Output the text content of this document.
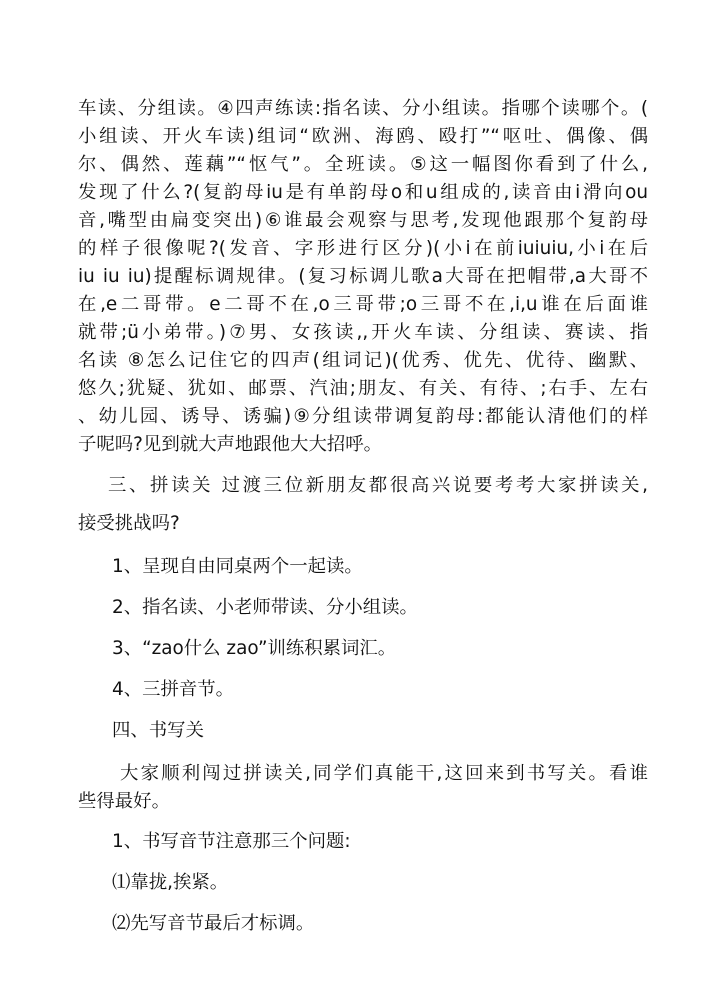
车读、分组读。④四声练读:指名读、分小组读。指哪个读哪个。(
小组读、开火车读)组词“欧洲、海鸥、殴打”“呕吐、偶像、偶
尔、偶然、莲藕”“怄气”。全班读。⑤这一幅图你看到了什么,
发现了什么?(复韵母iu是有单韵母o和u组成的,读音由i滑向ou
音,嘴型由扁变突出)⑥谁最会观察与思考,发现他跟那个复韵母
的样子很像呢?(发音、字形进行区分)(小i在前iuiuiu,小i在后
iu iu iu)提醒标调规律。(复习标调儿歌a大哥在把帽带,a大哥不
在,e二哥带。e二哥不在,o三哥带;o三哥不在,i,u谁在后面谁
就带;ü小弟带。)⑦男、女孩读,,开火车读、分组读、赛读、指
名读 ⑧怎么记住它的四声(组词记)(优秀、优先、优待、幽默、
悠久;犹疑、犹如、邮票、汽油;朋友、有关、有待、;右手、左右
、幼儿园、诱导、诱骗)⑨分组读带调复韵母:都能认清他们的样
子呢吗?见到就大声地跟他大大招呼。
三、拼读关 过渡三位新朋友都很高兴说要考考大家拼读关,
接受挑战吗?
1、呈现自由同桌两个一起读。
2、指名读、小老师带读、分小组读。
3、“zao什么 zao”训练积累词汇。
4、三拼音节。
四、书写关
大家顺利闯过拼读关,同学们真能干,这回来到书写关。看谁
些得最好。
1、书写音节注意那三个问题:
⑴靠拢,挨紧。
⑵先写音节最后才标调。
